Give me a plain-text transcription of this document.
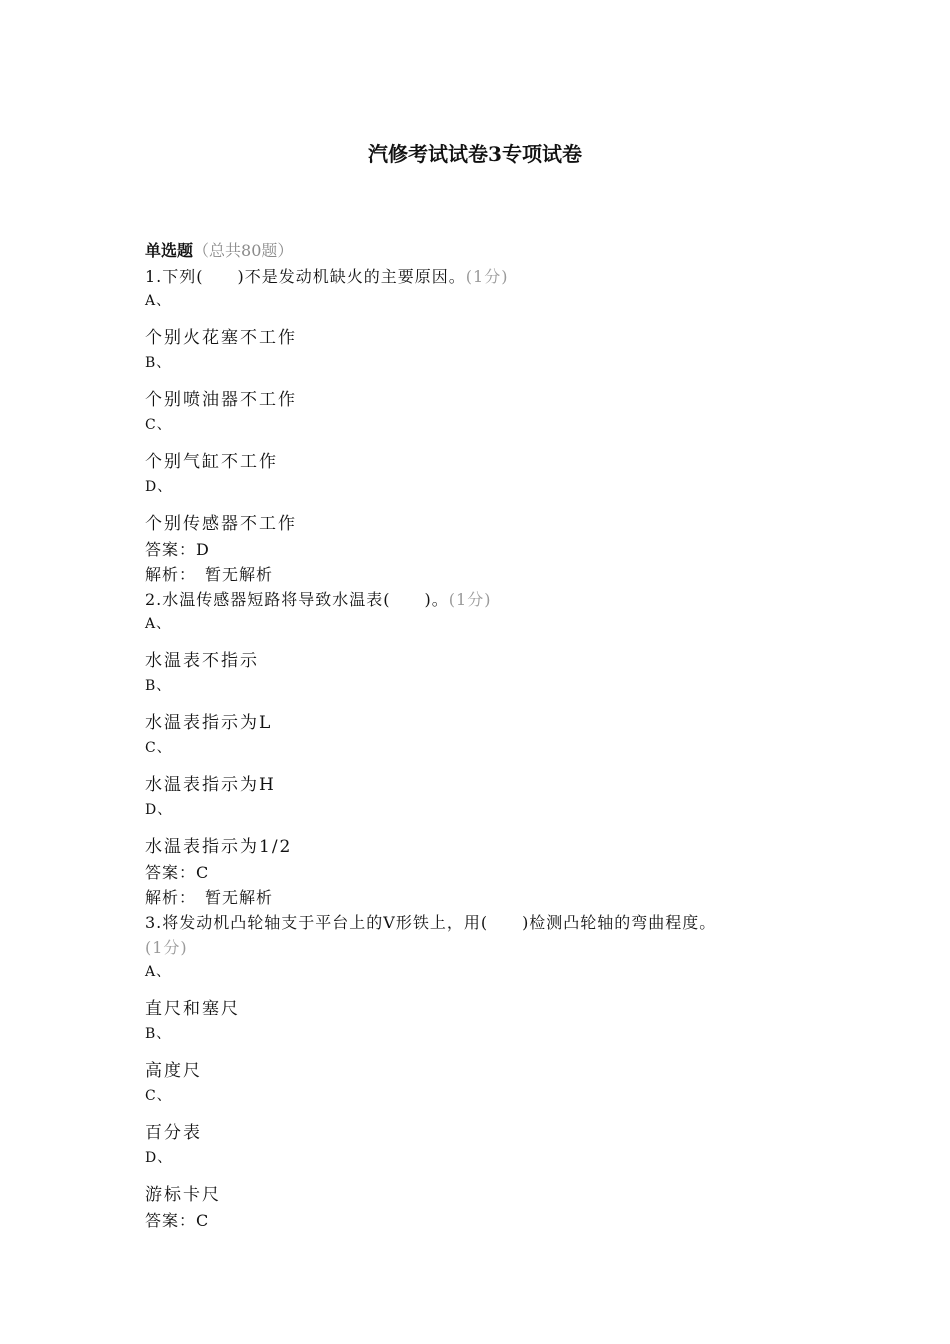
汽修考试试卷3专项试卷
单选题（总共80题）
1.下列(　　)不是发动机缺火的主要原因。(1分)
A、
个别火花塞不工作
B、
个别喷油器不工作
C、
个别气缸不工作
D、
个别传感器不工作
答案：D
解析：　暂无解析
2.水温传感器短路将导致水温表(　　)。(1分)
A、
水温表不指示
B、
水温表指示为L
C、
水温表指示为H
D、
水温表指示为1/2
答案：C
解析：　暂无解析
3.将发动机凸轮轴支于平台上的V形铁上，用(　　)检测凸轮轴的弯曲程度。
(1分)
A、
直尺和塞尺
B、
高度尺
C、
百分表
D、
游标卡尺
答案：C
